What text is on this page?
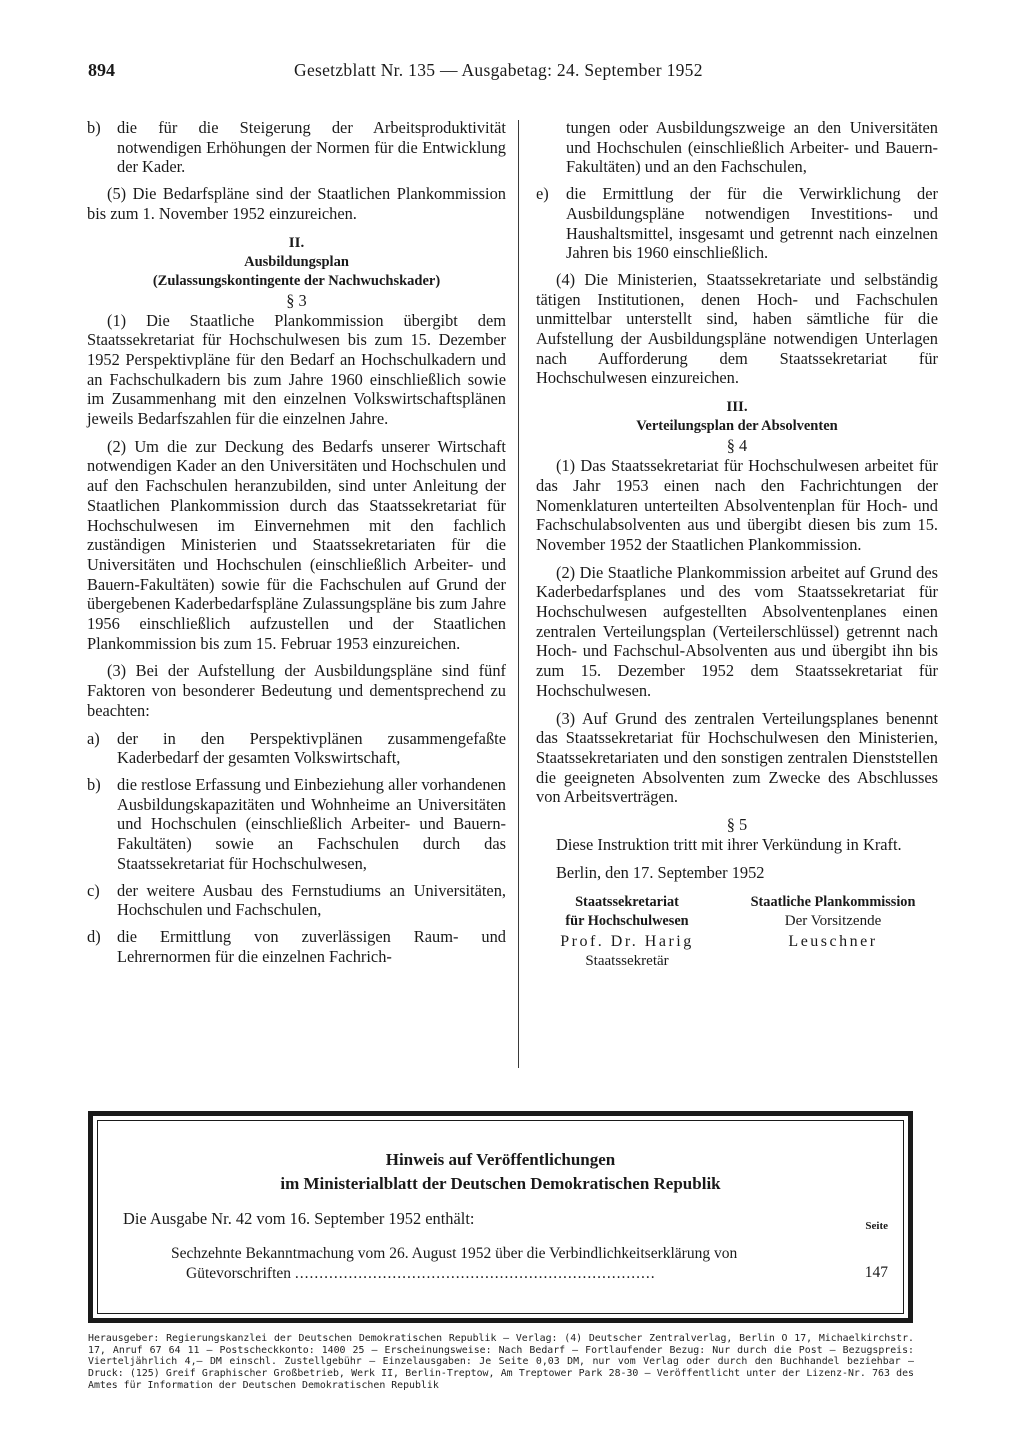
894	Gesetzblatt Nr. 135 — Ausgabetag: 24. September 1952
b) die für die Steigerung der Arbeitsproduktivität notwendigen Erhöhungen der Normen für die Entwicklung der Kader.

(5) Die Bedarfspläne sind der Staatlichen Plankommission bis zum 1. November 1952 einzureichen.

II.
Ausbildungsplan
(Zulassungskontingente der Nachwuchskader)
§ 3

(1) Die Staatliche Plankommission übergibt dem Staatssekretariat für Hochschulwesen bis zum 15. Dezember 1952 Perspektivpläne für den Bedarf an Hochschulkadern und an Fachschulkadern bis zum Jahre 1960 einschließlich sowie im Zusammenhang mit den einzelnen Volkswirtschaftsplänen jeweils Bedarfszahlen für die einzelnen Jahre.

(2) Um die zur Deckung des Bedarfs unserer Wirtschaft notwendigen Kader an den Universitäten und Hochschulen und auf den Fachschulen heranzubilden, sind unter Anleitung der Staatlichen Plankommission durch das Staatssekretariat für Hochschulwesen im Einvernehmen mit den fachlich zuständigen Ministerien und Staatssekretariaten für die Universitäten und Hochschulen (einschließlich Arbeiter- und Bauern-Fakultäten) sowie für die Fachschulen auf Grund der übergebenen Kaderbedarfspläne Zulassungspläne bis zum Jahre 1956 einschließlich aufzustellen und der Staatlichen Plankommission bis zum 15. Februar 1953 einzureichen.

(3) Bei der Aufstellung der Ausbildungspläne sind fünf Faktoren von besonderer Bedeutung und dementsprechend zu beachten:

a) der in den Perspektivplänen zusammengefaßte Kaderbedarf der gesamten Volkswirtschaft,

b) die restlose Erfassung und Einbeziehung aller vorhandenen Ausbildungskapazitäten und Wohnheime an Universitäten und Hochschulen (einschließlich Arbeiter- und Bauern-Fakultäten) sowie an Fachschulen durch das Staatssekretariat für Hochschulwesen,

c) der weitere Ausbau des Fernstudiums an Universitäten, Hochschulen und Fachschulen,

d) die Ermittlung von zuverlässigen Raum- und Lehrernormen für die einzelnen Fachrich-

tungen oder Ausbildungszweige an den Universitäten und Hochschulen (einschließlich Arbeiter- und Bauern-Fakultäten) und an den Fachschulen,

e) die Ermittlung der für die Verwirklichung der Ausbildungspläne notwendigen Investitions- und Haushaltsmittel, insgesamt und getrennt nach einzelnen Jahren bis 1960 einschließlich.

(4) Die Ministerien, Staatssekretariate und selbständig tätigen Institutionen, denen Hoch- und Fachschulen unmittelbar unterstellt sind, haben sämtliche für die Aufstellung der Ausbildungspläne notwendigen Unterlagen nach Aufforderung dem Staatssekretariat für Hochschulwesen einzureichen.

III.
Verteilungsplan der Absolventen
§ 4

(1) Das Staatssekretariat für Hochschulwesen arbeitet für das Jahr 1953 einen nach den Fachrichtungen der Nomenklaturen unterteilten Absolventenplan für Hoch- und Fachschulabsolventen aus und übergibt diesen bis zum 15. November 1952 der Staatlichen Plankommission.

(2) Die Staatliche Plankommission arbeitet auf Grund des Kaderbedarfsplanes und des vom Staatssekretariat für Hochschulwesen aufgestellten Absolventenplanes einen zentralen Verteilungsplan (Verteilerschlüssel) getrennt nach Hoch- und Fachschul-Absolventen aus und übergibt ihn bis zum 15. Dezember 1952 dem Staatssekretariat für Hochschulwesen.

(3) Auf Grund des zentralen Verteilungsplanes benennt das Staatssekretariat für Hochschulwesen den Ministerien, Staatssekretariaten und den sonstigen zentralen Dienststellen die geeigneten Absolventen zum Zwecke des Abschlusses von Arbeitsverträgen.

§ 5

Diese Instruktion tritt mit ihrer Verkündung in Kraft.

Berlin, den 17. September 1952

Staatssekretariat
für Hochschulwesen
Prof. Dr. Harig
Staatssekretär
Staatliche Plankommission
Der Vorsitzende
Leuschner
Hinweis auf Veröffentlichungen
im Ministerialblatt der Deutschen Demokratischen Republik
Die Ausgabe Nr. 42 vom 16. September 1952 enthält:	Seite
Sechzehnte Bekanntmachung vom 26. August 1952 über die Verbindlichkeitserklärung von
Gütevorschriften ..........................................................................	147
Herausgeber: Regierungskanzlei der Deutschen Demokratischen Republik — Verlag: (4) Deutscher Zentralverlag, Berlin O 17, Michaelkirchstr. 17, Anruf 67 64 11 — Postscheckkonto: 1400 25 — Erscheinungsweise: Nach Bedarf — Fortlaufender Bezug: Nur durch die Post — Bezugspreis: Vierteljährlich 4,— DM einschl. Zustellgebühr — Einzelausgaben: Je Seite 0,03 DM, nur vom Verlag oder durch den Buchhandel beziehbar — Druck: (125) Greif Graphischer Großbetrieb, Werk II, Berlin-Treptow, Am Treptower Park 28-30 — Veröffentlicht unter der Lizenz-Nr. 763 des Amtes für Information der Deutschen Demokratischen Republik
